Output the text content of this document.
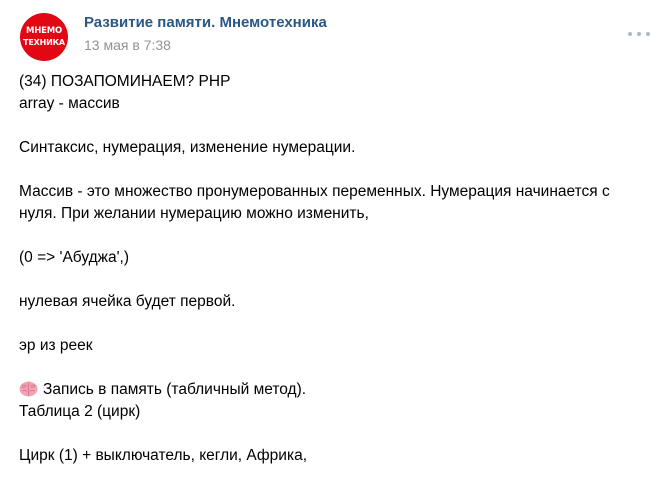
МНЕМО
ТЕХНИКА
Развитие памяти. Мнемотехника
13 мая в 7:38
(34) ПОЗАПОМИНАЕМ? PHP
array - массив
Синтаксис, нумерация, изменение нумерации.
Массив - это множество пронумерованных переменных. Нумерация начинается с
нуля. При желании нумерацию можно изменить,
(0 => 'Абуджа',)
нулевая ячейка будет первой.
эр из реек
Запись в память (табличный метод).
Таблица 2 (цирк)
Цирк (1) + выключатель, кегли, Африка,
